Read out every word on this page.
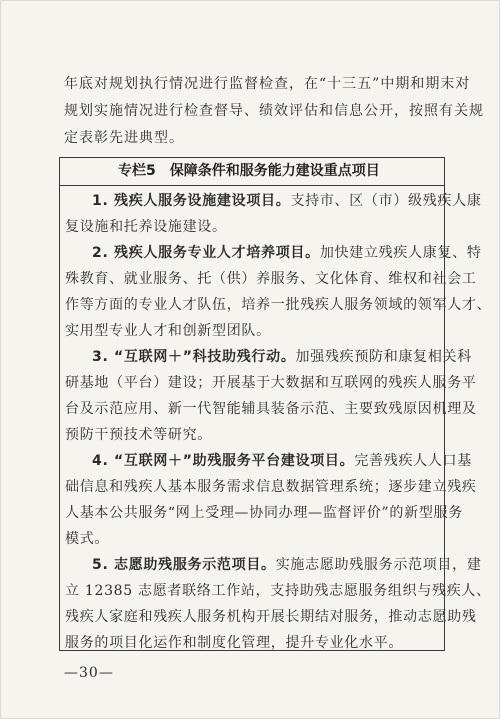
年底对规划执行情况进行监督检查，在“十三五”中期和期末对
规划实施情况进行检查督导、绩效评估和信息公开，按照有关规
定表彰先进典型。
专栏5　保障条件和服务能力建设重点项目
1. 残疾人服务设施建设项目。支持市、区（市）级残疾人康
复设施和托养设施建设。
2. 残疾人服务专业人才培养项目。加快建立残疾人康复、特
殊教育、就业服务、托（供）养服务、文化体育、维权和社会工
作等方面的专业人才队伍，培养一批残疾人服务领域的领军人才、
实用型专业人才和创新型团队。
3. “互联网＋”科技助残行动。加强残疾预防和康复相关科
研基地（平台）建设；开展基于大数据和互联网的残疾人服务平
台及示范应用、新一代智能辅具装备示范、主要致残原因机理及
预防干预技术等研究。
4. “互联网＋”助残服务平台建设项目。完善残疾人人口基
础信息和残疾人基本服务需求信息数据管理系统；逐步建立残疾
人基本公共服务“网上受理—协同办理—监督评价”的新型服务
模式。
5. 志愿助残服务示范项目。实施志愿助残服务示范项目，建
立 12385 志愿者联络工作站，支持助残志愿服务组织与残疾人、
残疾人家庭和残疾人服务机构开展长期结对服务，推动志愿助残
服务的项目化运作和制度化管理，提升专业化水平。
—30—
